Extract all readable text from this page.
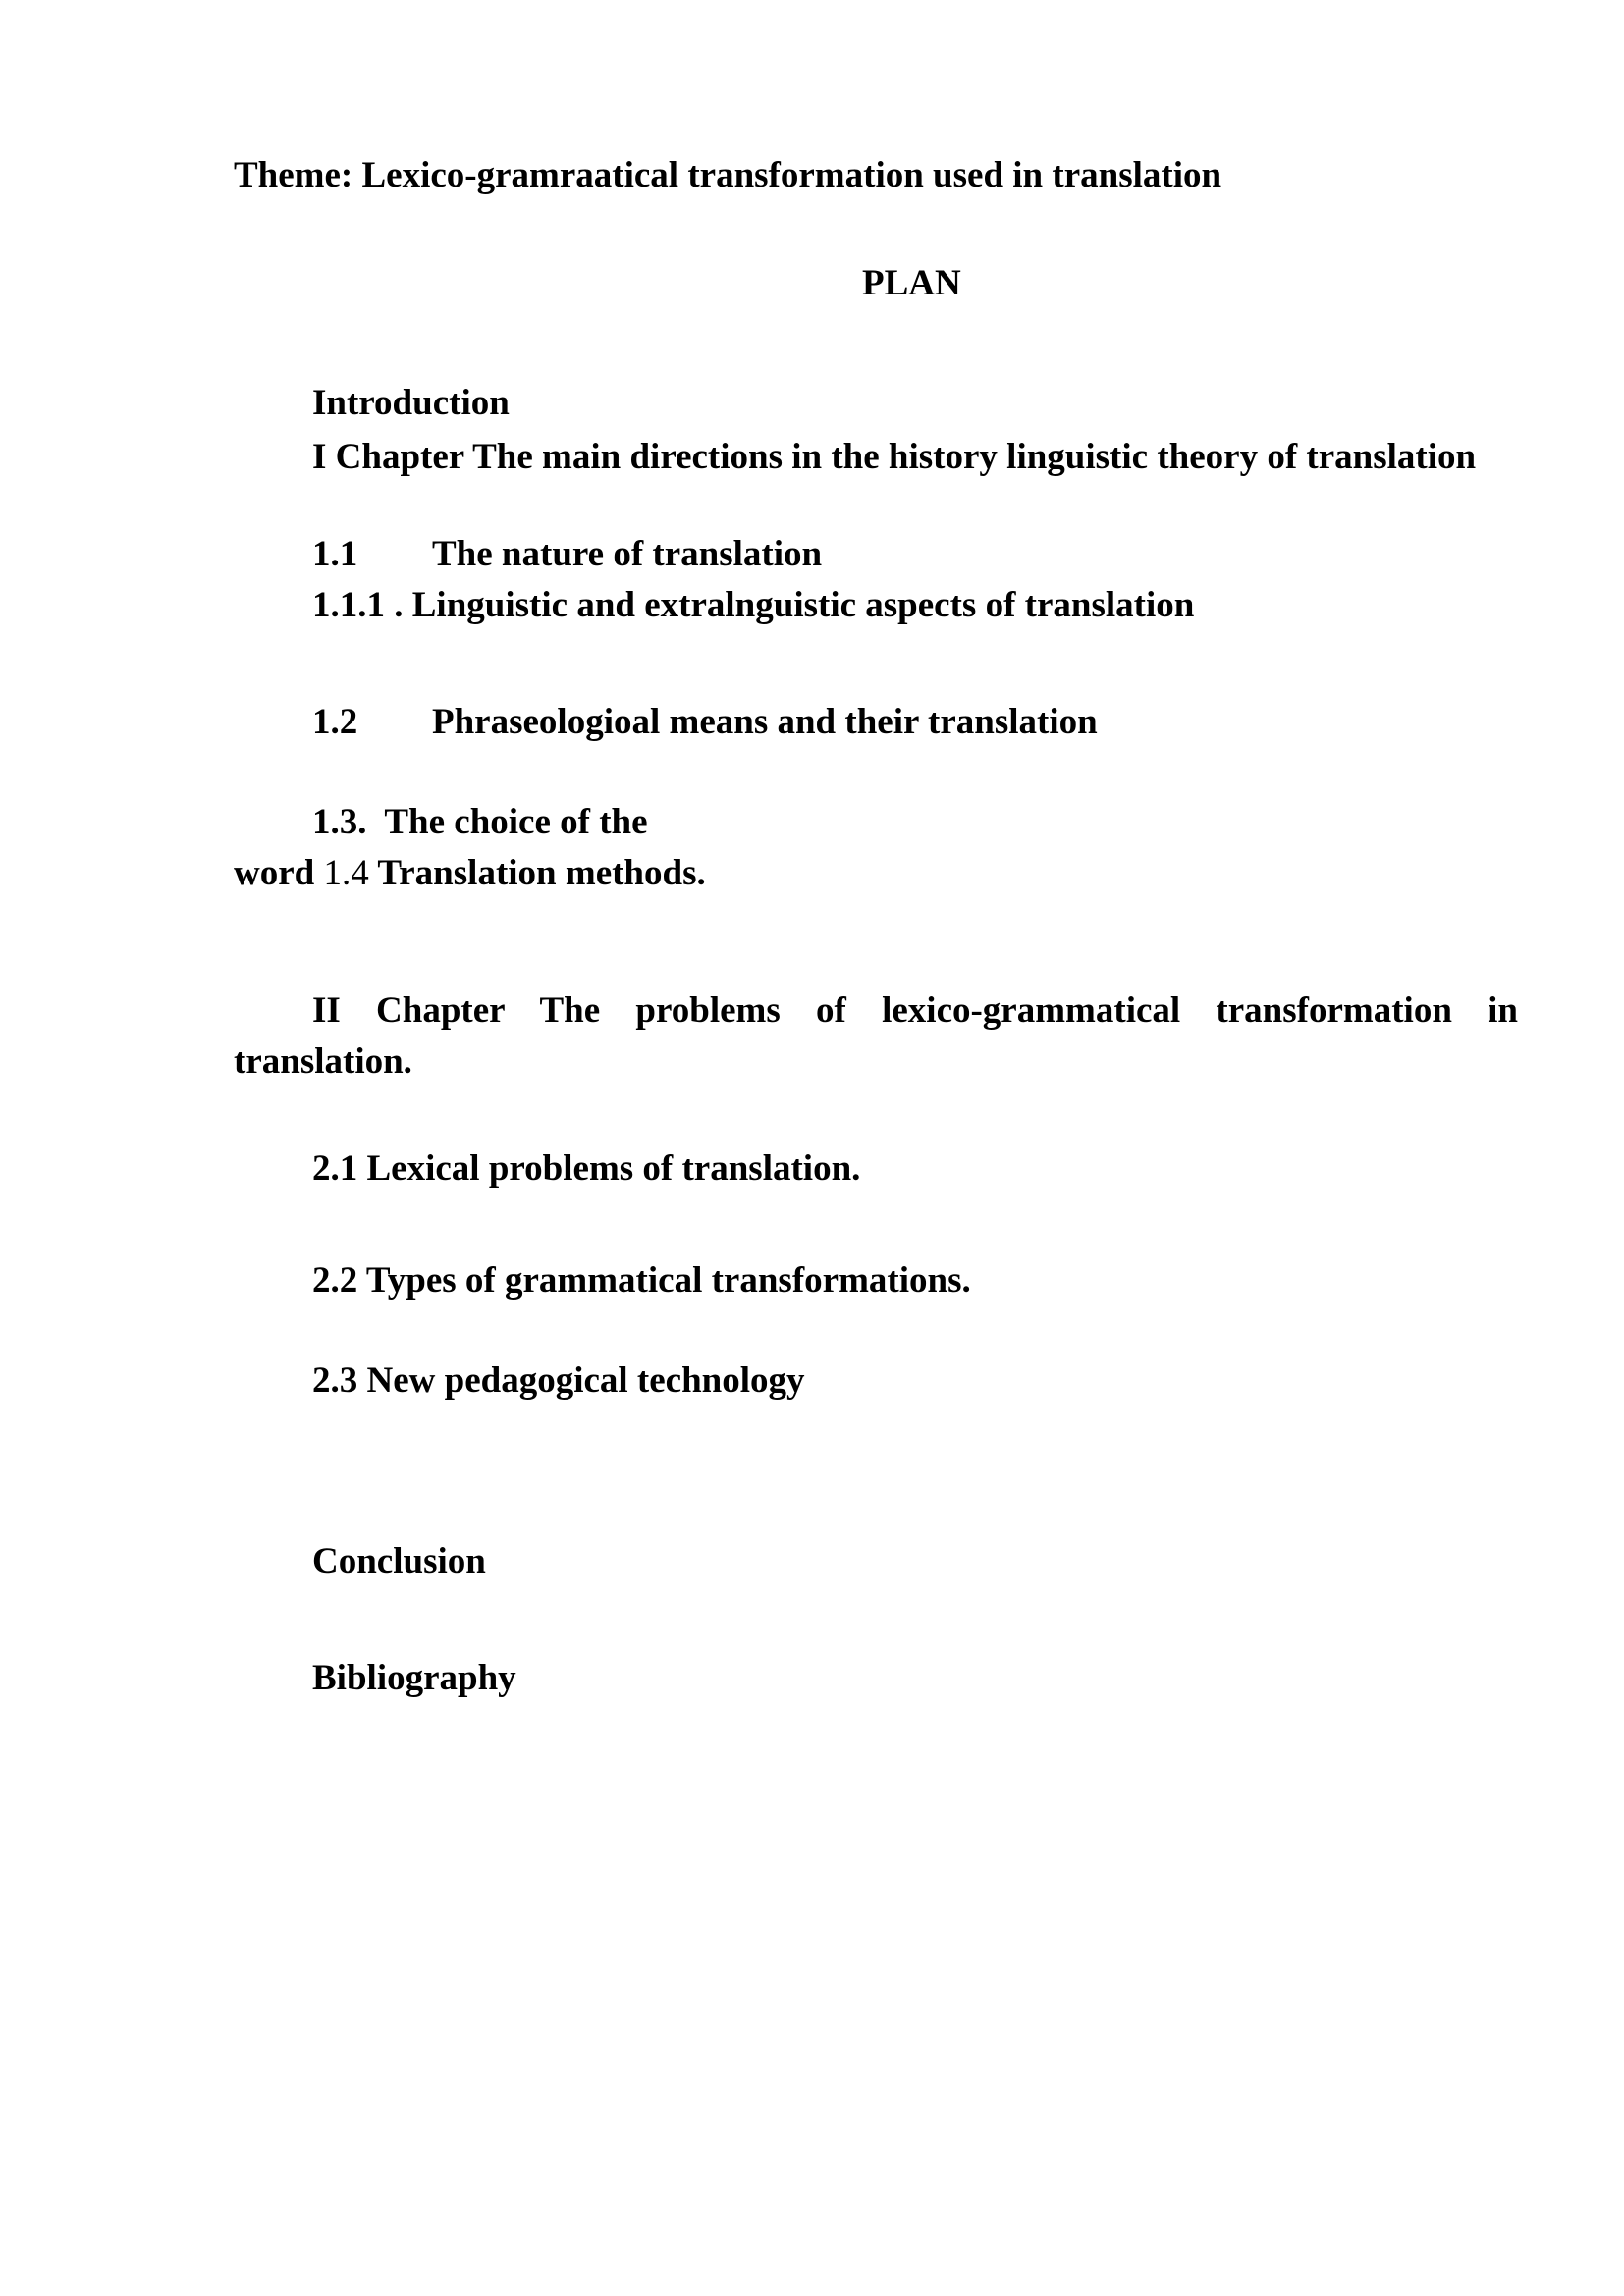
Theme: Lexico-gramraatical transformation used in translation
PLAN
Introduction
I Chapter The main directions in the history linguistic theory of translation
1.1 The nature of translation
1.1.1 . Linguistic and extralnguistic aspects of translation
1.2 Phraseologioal means and their translation
1.3. The choice of the
word 1.4 Translation methods.
II Chapter The problems of lexico-grammatical transformation in translation.
2.1 Lexical problems of translation.
2.2 Types of grammatical transformations.
2.3 New pedagogical technology
Conclusion
Bibliography
